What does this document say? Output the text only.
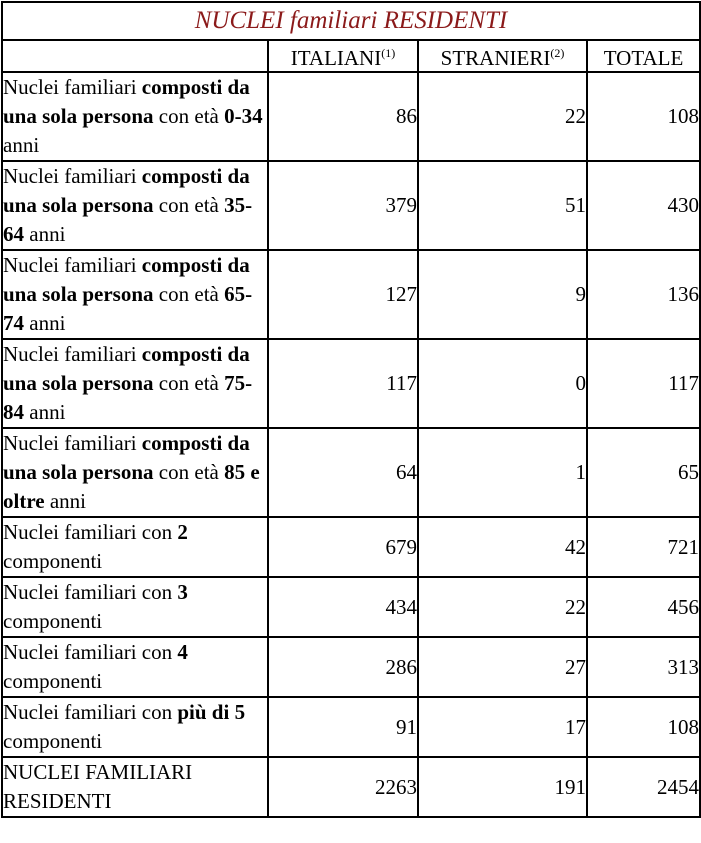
NUCLEI familiari RESIDENTI			
	ITALIANI$^{(1)}$	STRANIERI$^{(2)}$	TOTALE
Nuclei familiari composti da una sola persona con età 0-34 anni	86	22	108
Nuclei familiari composti da una sola persona con età 35-64 anni	379	51	430
Nuclei familiari composti da una sola persona con età 65-74 anni	127	9	136
Nuclei familiari composti da una sola persona con età 75-84 anni	117	0	117
Nuclei familiari composti da una sola persona con età 85 e oltre anni	64	1	65
Nuclei familiari con 2 componenti	679	42	721
Nuclei familiari con 3 componenti	434	22	456
Nuclei familiari con 4 componenti	286	27	313
Nuclei familiari con più di 5 componenti	91	17	108
NUCLEI FAMILIARI RESIDENTI	2263	191	2454
